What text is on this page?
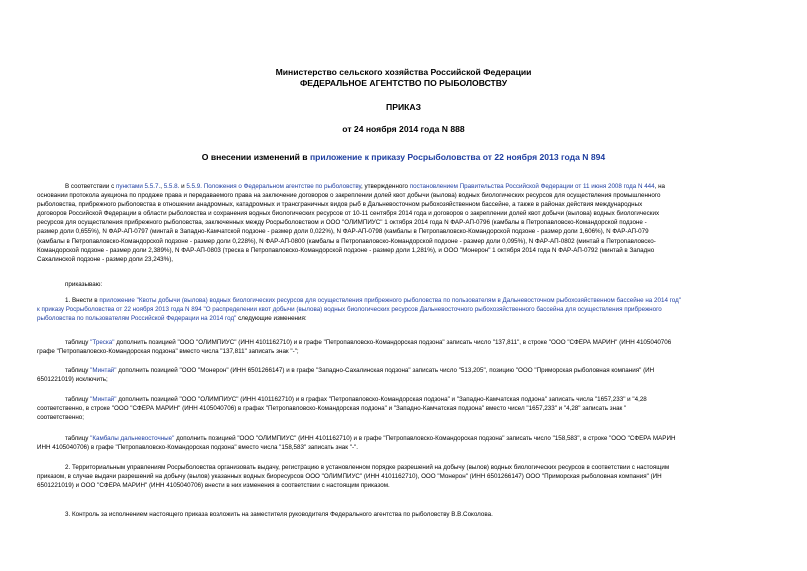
Министерство сельского хозяйства Российской Федерации
ФЕДЕРАЛЬНОЕ АГЕНТСТВО ПО РЫБОЛОВСТВУ
ПРИКАЗ
от 24 ноября 2014 года N 888
О внесении изменений в приложение к приказу Росрыболовства от 22 ноября 2013 года N 894
В соответствии с пунктами 5.5.7., 5.5.8. и 5.5.9. Положения о Федеральном агентстве по рыболовству, утвержденного постановлением Правительства Российской Федерации от 11 июня 2008 года N 444, на
основании протокола аукциона по продаже права и передаваемого права на заключение договоров о закреплении долей квот добычи (вылова) водных биологических ресурсов для осуществления промышленного
рыболовства, прибрежного рыболовства в отношении анадромных, катадромных и трансграничных видов рыб в Дальневосточном рыбохозяйственном бассейне, а также в районах действия международных
договоров Российской Федерации в области рыболовства и сохранения водных биологических ресурсов от 10-11 сентября 2014 года и договоров о закреплении долей квот добычи (вылова) водных биологических
ресурсов для осуществления прибрежного рыболовства, заключенных между Росрыболовством и ООО "ОЛИМПИУС" 1 октября 2014 года N ФАР-АП-0796 (камбалы в Петропавловско-Командорской подзоне -
размер доли 0,655%), N ФАР-АП-0797 (минтай в Западно-Камчатской подзоне - размер доли 0,022%), N ФАР-АП-0798 (камбалы в Петропавловско-Командорской подзоне - размер доли 1,606%), N ФАР-АП-079
(камбалы в Петропавловско-Командорской подзоне - размер доли 0,228%), N ФАР-АП-0800 (камбалы в Петропавловско-Командорской подзоне - размер доли 0,095%), N ФАР-АП-0802 (минтай в Петропавловско-
Командорской подзоне - размер доли 2,389%), N ФАР-АП-0803 (треска в Петропавловско-Командорской подзоне - размер доли 1,281%), и ООО "Монерон" 1 октября 2014 года N ФАР-АП-0792 (минтай в Западно
Сахалинской подзоне - размер доли 23,243%),
приказываю:
1. Внести в приложение "Квоты добычи (вылова) водных биологических ресурсов для осуществления прибрежного рыболовства по пользователям в Дальневосточном рыбохозяйственном бассейне на 2014 год"
к приказу Росрыболовства от 22 ноября 2013 года N 894 "О распределении квот добычи (вылова) водных биологических ресурсов Дальневосточного рыбохозяйственного бассейна для осуществления прибрежного
рыболовства по пользователям Российской Федерации на 2014 год" следующие изменения:
таблицу "Треска" дополнить позицией "ООО "ОЛИМПИУС" (ИНН 4101162710) и в графе "Петропавловско-Командорская подзона" записать число "137,811", в строке "ООО "СФЕРА МАРИН" (ИНН 4105040706
графе "Петропавловско-Командорская подзона" вместо числа "137,811" записать знак "-";
таблицу "Минтай" дополнить позицией "ООО "Монерон" (ИНН 6501266147) и в графе "Западно-Сахалинская подзона" записать число "513,205", позицию "ООО "Приморская рыболовная компания" (ИН
6501221019) исключить;
таблицу "Минтай" дополнить позицией "ООО "ОЛИМПИУС" (ИНН 4101162710) и в графах "Петропавловско-Командорская подзона" и "Западно-Камчатская подзона" записать числа "1657,233" и "4,28
соответственно, в строке "ООО "СФЕРА МАРИН" (ИНН 4105040706) в графах "Петропавловско-Командорская подзона" и "Западно-Камчатская подзона" вместо чисел "1657,233" и "4,28" записать знак "
соответственно;
таблицу "Камбалы дальневосточные" дополнить позицией "ООО "ОЛИМПИУС" (ИНН 4101162710) и в графе "Петропавловско-Командорская подзона" записать число "158,583", в строке "ООО "СФЕРА МАРИН
ИНН 4105040706) в графе "Петропавловско-Командорская подзона" вместо числа "158,583" записать знак "-".
2. Территориальным управлениям Росрыболовства организовать выдачу, регистрацию в установленном порядке разрешений на добычу (вылов) водных биологических ресурсов в соответствии с настоящим
приказом, в случае выдачи разрешений на добычу (вылов) указанных водных биоресурсов ООО "ОЛИМПИУС" (ИНН 4101162710), ООО "Монерон" (ИНН 6501266147) ООО "Приморская рыболовная компания" (ИН
6501221019) и ООО "СФЕРА МАРИН" (ИНН 4105040706) внести в них изменения в соответствии с настоящим приказом.
3. Контроль за исполнением настоящего приказа возложить на заместителя руководителя Федерального агентства по рыболовству В.В.Соколова.
